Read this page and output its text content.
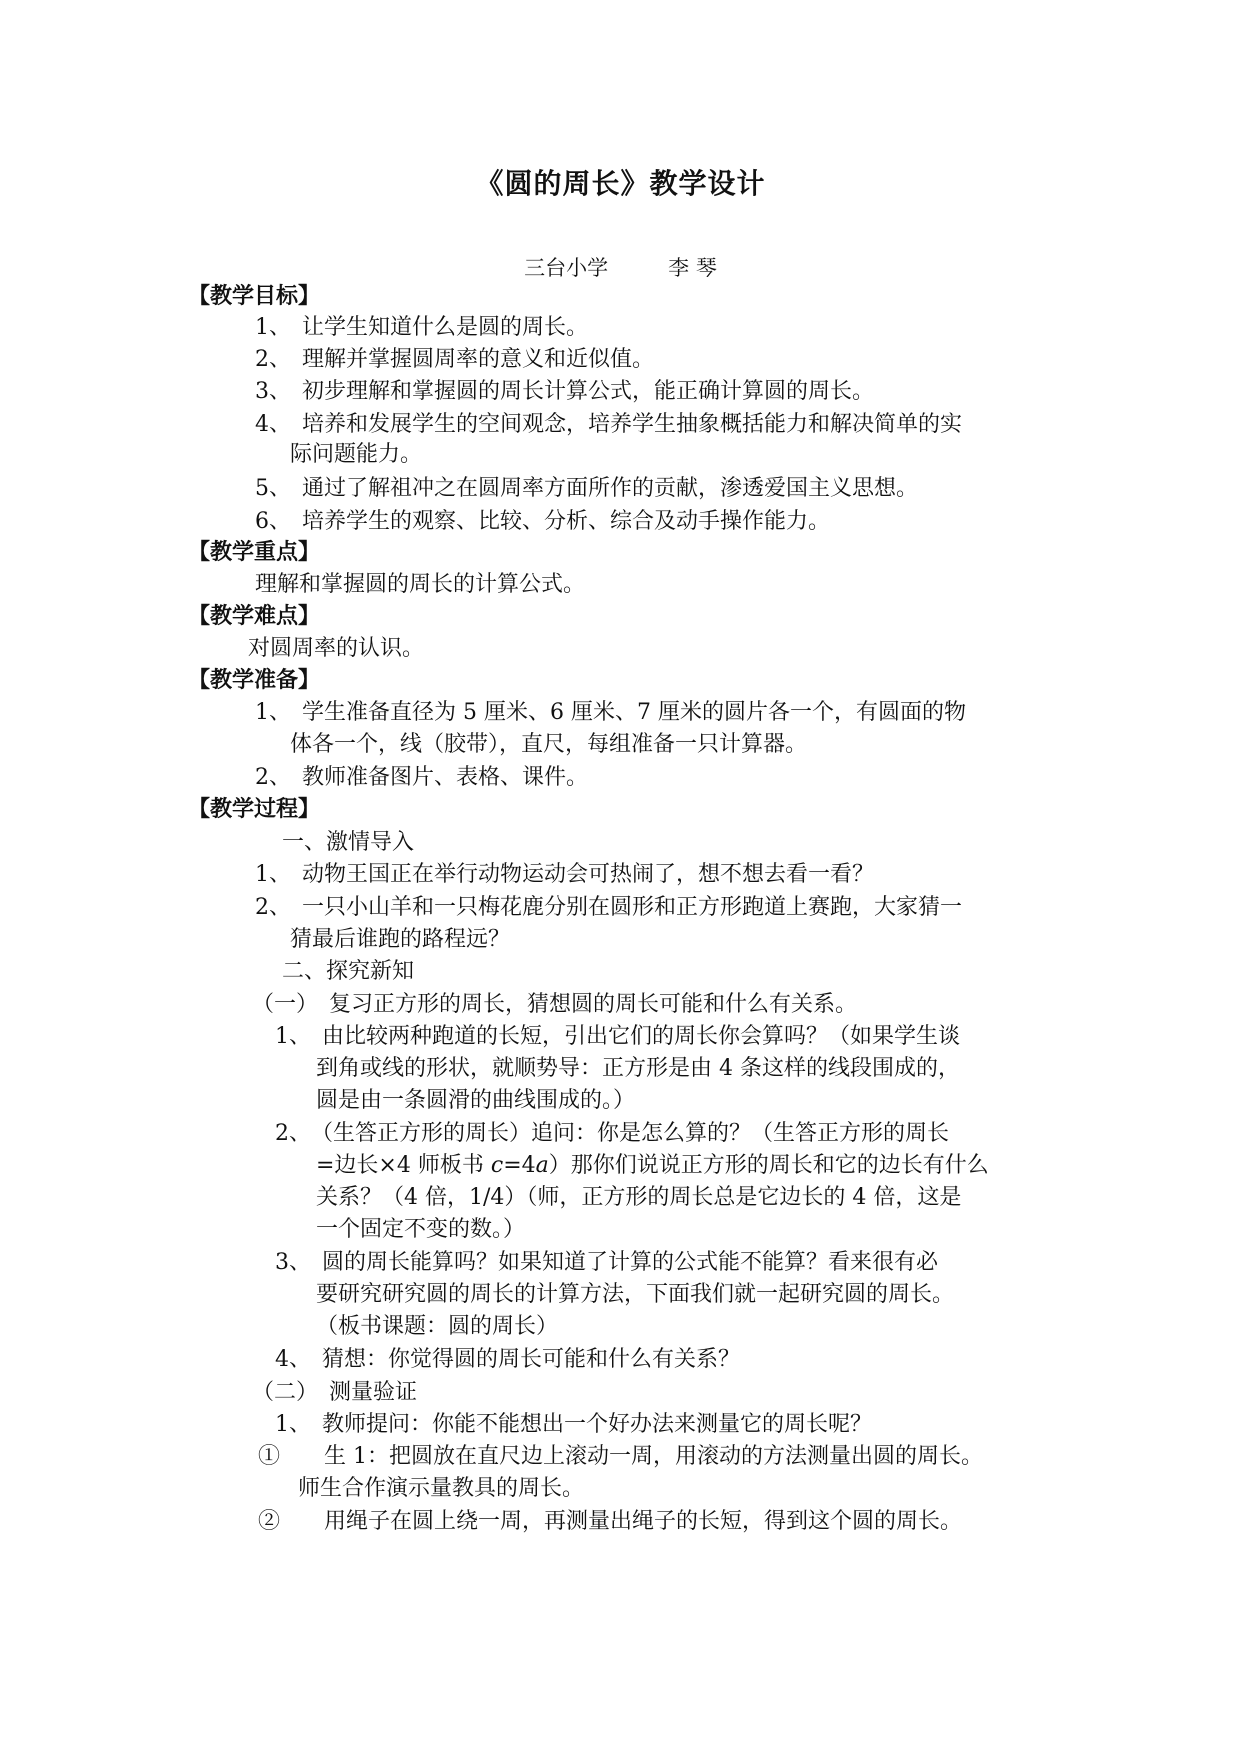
《圆的周长》教学设计
三台小学	李 琴
【教学目标】
1、　让学生知道什么是圆的周长。
2、　理解并掌握圆周率的意义和近似值。
3、　初步理解和掌握圆的周长计算公式，能正确计算圆的周长。
4、　培养和发展学生的空间观念，培养学生抽象概括能力和解决简单的实
际问题能力。
5、　通过了解祖冲之在圆周率方面所作的贡献，渗透爱国主义思想。
6、　培养学生的观察、比较、分析、综合及动手操作能力。
【教学重点】
理解和掌握圆的周长的计算公式。
【教学难点】
对圆周率的认识。
【教学准备】
1、　学生准备直径为 5 厘米、6 厘米、7 厘米的圆片各一个，有圆面的物
体各一个，线（胶带），直尺，每组准备一只计算器。
2、　教师准备图片、表格、课件。
【教学过程】
一、激情导入
1、　动物王国正在举行动物运动会可热闹了，想不想去看一看？
2、　一只小山羊和一只梅花鹿分别在圆形和正方形跑道上赛跑，大家猜一
猜最后谁跑的路程远？
二、探究新知
（一）　复习正方形的周长，猜想圆的周长可能和什么有关系。
1、　由比较两种跑道的长短，引出它们的周长你会算吗？（如果学生谈
到角或线的形状，就顺势导：正方形是由 4 条这样的线段围成的，
圆是由一条圆滑的曲线围成的。）
2、　（生答正方形的周长）追问：你是怎么算的？（生答正方形的周长
=边长×4 师板书 c=4a）那你们说说正方形的周长和它的边长有什么
关系？（4 倍，1/4）（师，正方形的周长总是它边长的 4 倍，这是
一个固定不变的数。）
3、　圆的周长能算吗？如果知道了计算的公式能不能算？看来很有必
要研究研究圆的周长的计算方法，下面我们就一起研究圆的周长。
（板书课题：圆的周长）
4、　猜想：你觉得圆的周长可能和什么有关系？
（二）　测量验证
1、　教师提问：你能不能想出一个好办法来测量它的周长呢？
①　　生 1：把圆放在直尺边上滚动一周，用滚动的方法测量出圆的周长。
师生合作演示量教具的周长。
②　　用绳子在圆上绕一周，再测量出绳子的长短，得到这个圆的周长。
